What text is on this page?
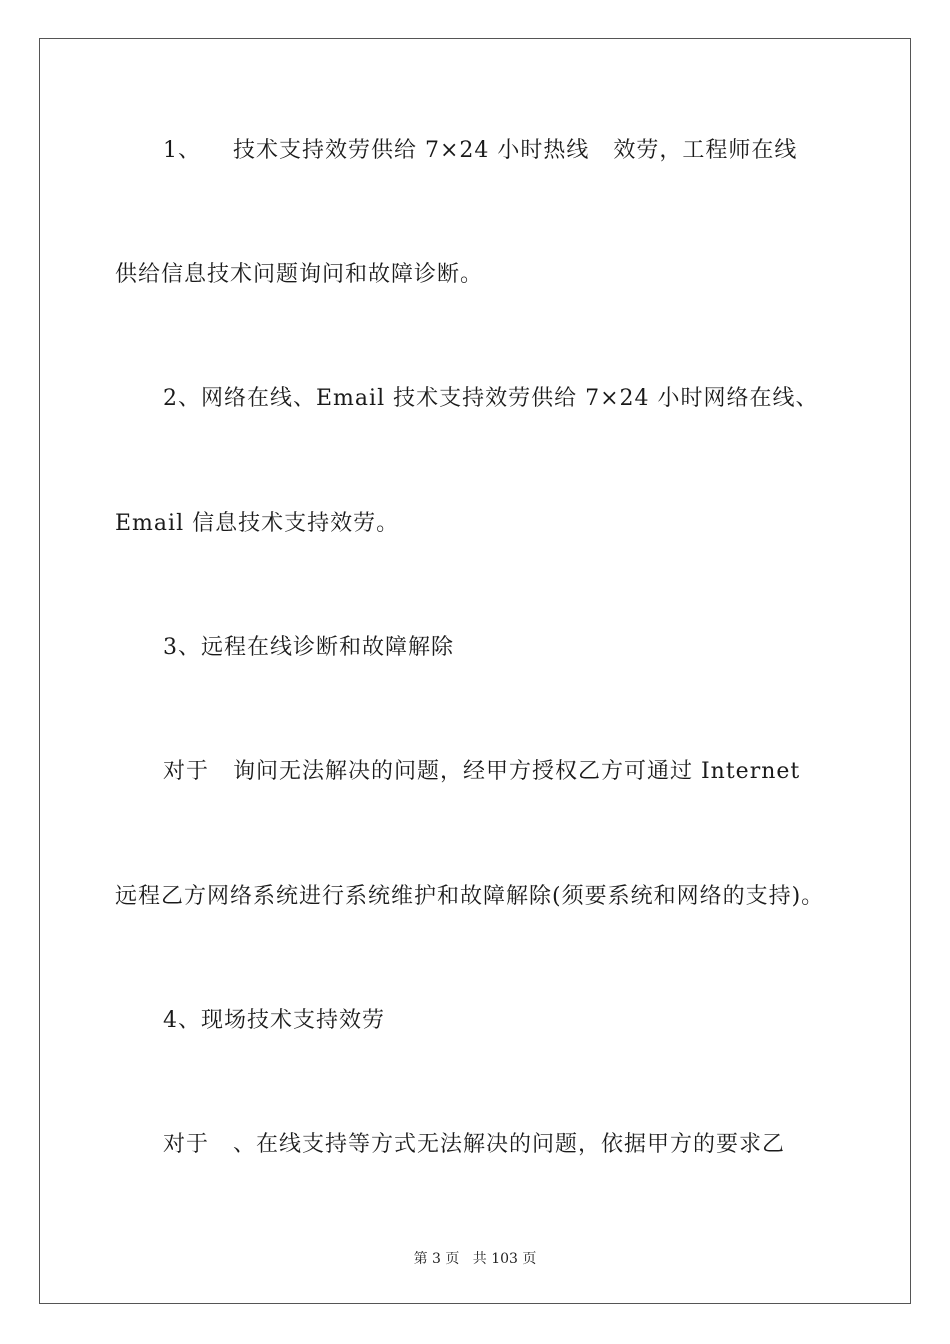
1、    技术支持效劳供给 7×24 小时热线   效劳，工程师在线
供给信息技术问题询问和故障诊断。
2、网络在线、Email 技术支持效劳供给 7×24 小时网络在线、
Email 信息技术支持效劳。
3、远程在线诊断和故障解除
对于   询问无法解决的问题，经甲方授权乙方可通过 Internet
远程乙方网络系统进行系统维护和故障解除(须要系统和网络的支持)。
4、现场技术支持效劳
对于   、在线支持等方式无法解决的问题，依据甲方的要求乙
第 3 页   共 103 页
